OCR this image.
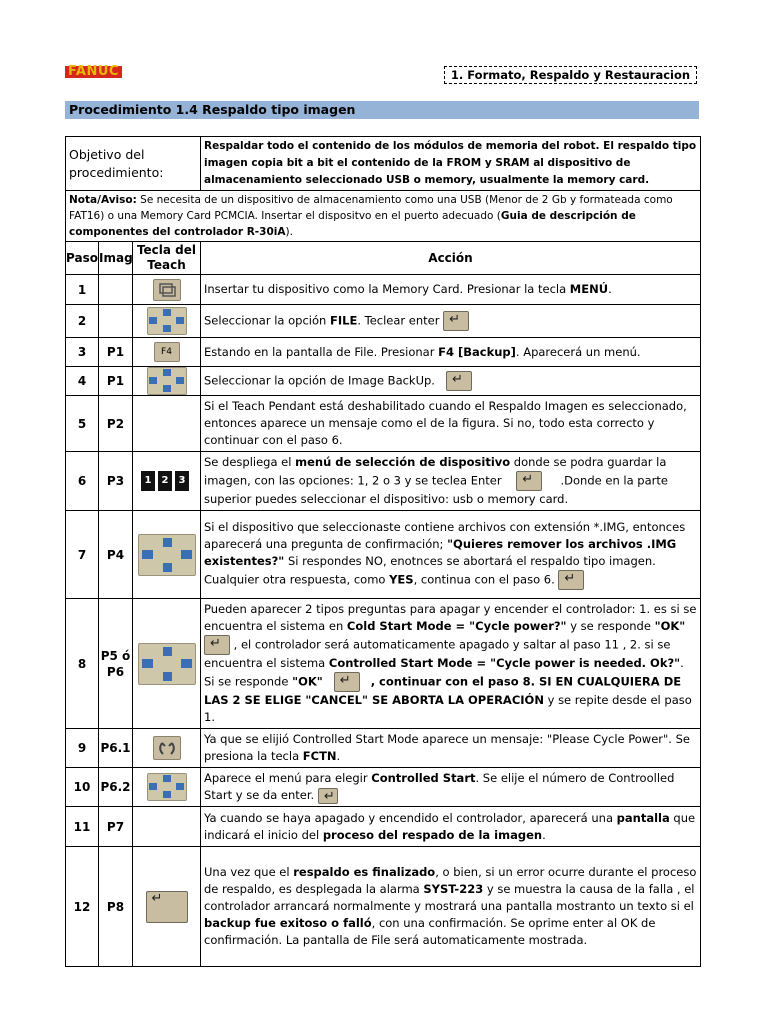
FANUC	1. Formato, Respaldo y Restauracion
Procedimiento 1.4 Respaldo tipo imagen
Objetivo del procedimiento:			Respaldar todo el contenido de los módulos de memoria del robot. El respaldo tipo imagen copia bit a bit el contenido de la FROM y SRAM al dispositivo de almacenamiento seleccionado USB o memory, usualmente la memory card.
Nota/Aviso: Se necesita de un dispositivo de almacenamiento como una USB (Menor de 2 Gb y formateada como FAT16) o una Memory Card PCMCIA. Insertar el dispositvo en el puerto adecuado (Guia de descripción de componentes del controlador R-30iA).			
Paso	Imag	Tecla del Teach	Acción
1			Insertar tu dispositivo como la Memory Card. Presionar la tecla MENÚ.
2			Seleccionar la opción FILE. Teclear enter ↵
3	P1	F4	Estando en la pantalla de File. Presionar F4 [Backup]. Aparecerá un menú.
4	P1		Seleccionar la opción de Image BackUp.   ↵
5	P2		Si el Teach Pendant está deshabilitado cuando el Respaldo Imagen es seleccionado, entonces aparece un mensaje como el de la figura. Si no, todo esta correcto y continuar con el paso 6.
6	P3	1 2 3	Se despliega el menú de selección de dispositivo donde se podra guardar la imagen, con las opciones: 1, 2 o 3 y se teclea Enter ↵ .Donde en la parte superior puedes seleccionar el dispositivo: usb o memory card.
7	P4		Si el dispositivo que seleccionaste contiene archivos con extensión *.IMG, entonces aparecerá una pregunta de confirmación; "Quieres remover los archivos .IMG existentes?" Si respondes NO, enotnces se abortará el respaldo tipo imagen. Cualquier otra respuesta, como YES, continua con el paso 6. ↵
8	P5 ó P6		Pueden aparecer 2 tipos preguntas para apagar y encender el controlador: 1. es si se encuentra el sistema en Cold Start Mode = "Cycle power?" y se responde "OK" ↵ , el controlador será automaticamente apagado y saltar al paso 11 , 2. si se encuentra el sistema Controlled Start Mode = "Cycle power is needed. Ok?". Si se responde "OK" ↵ , continuar con el paso 8. SI EN CUALQUIERA DE LAS 2 SE ELIGE "CANCEL" SE ABORTA LA OPERACIÓN y se repite desde el paso 1.
9	P6.1		Ya que se elijió Controlled Start Mode aparece un mensaje: "Please Cycle Power". Se presiona la tecla FCTN.
10	P6.2		Aparece el menú para elegir Controlled Start. Se elije el número de Controolled Start y se da enter. ↵
11	P7		Ya cuando se haya apagado y encendido el controlador, aparecerá una pantalla que indicará el inicio del proceso del respado de la imagen.
12	P8	↵	Una vez que el respaldo es finalizado, o bien, si un error ocurre durante el proceso de respaldo, es desplegada la alarma SYST-223 y se muestra la causa de la falla , el controlador arrancará normalmente y mostrará una pantalla mostranto un texto si el backup fue exitoso o falló, con una confirmación. Se oprime enter al OK de confirmación. La pantalla de File será automaticamente mostrada.
